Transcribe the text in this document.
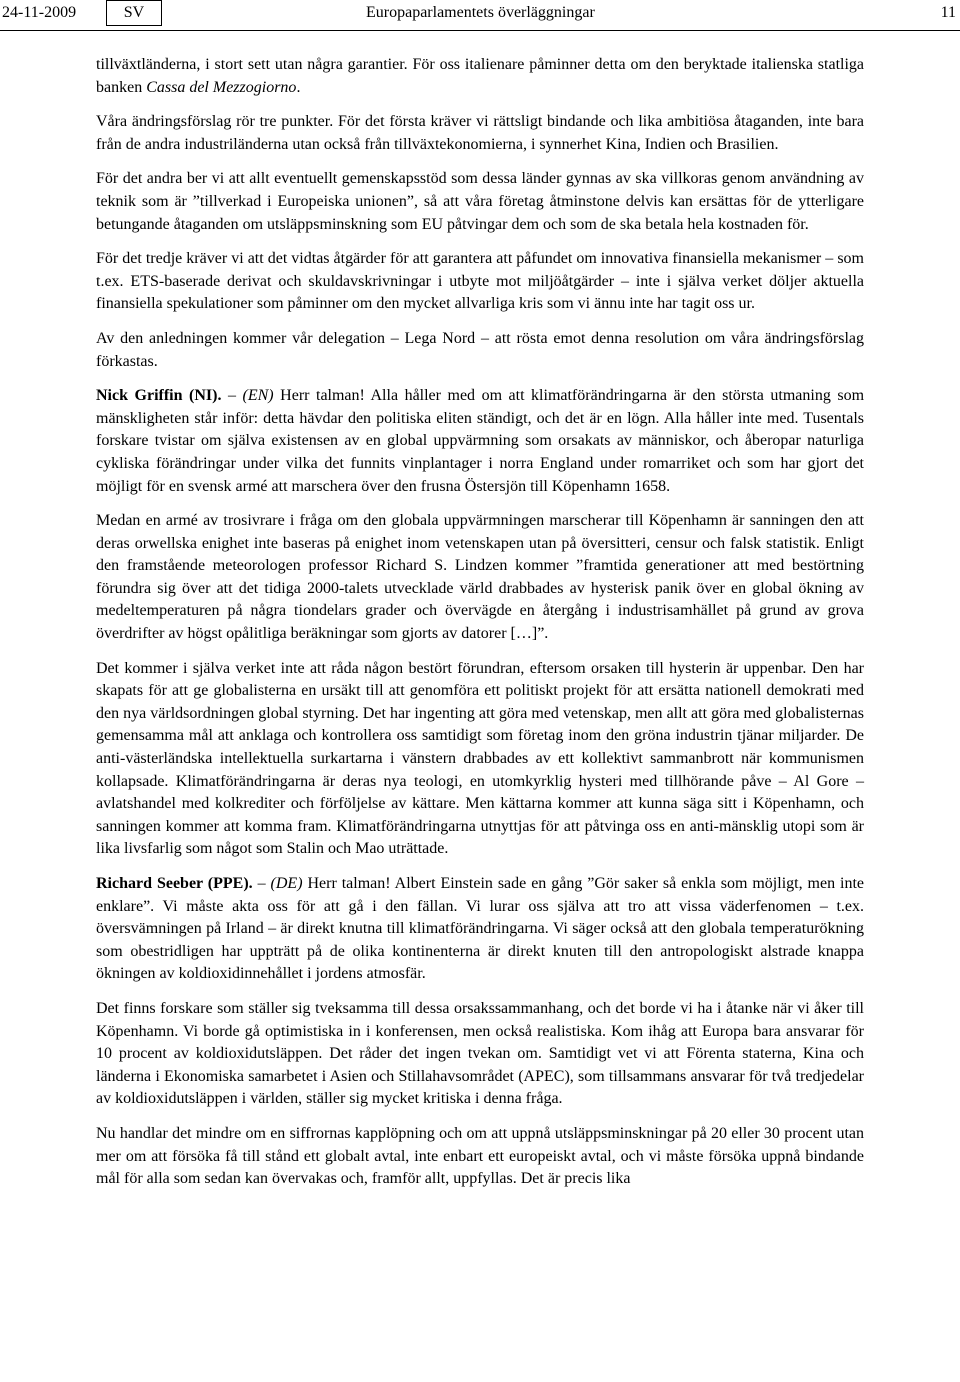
24-11-2009	SV	Europaparlamentets överläggningar	11

tillväxtländerna, i stort sett utan några garantier. För oss italienare påminner detta om den beryktade italienska statliga banken Cassa del Mezzogiorno.

Våra ändringsförslag rör tre punkter. För det första kräver vi rättsligt bindande och lika ambitiösa åtaganden, inte bara från de andra industriländerna utan också från tillväxtekonomierna, i synnerhet Kina, Indien och Brasilien.

För det andra ber vi att allt eventuellt gemenskapsstöd som dessa länder gynnas av ska villkoras genom användning av teknik som är ”tillverkad i Europeiska unionen”, så att våra företag åtminstone delvis kan ersättas för de ytterligare betungande åtaganden om utsläppsminskning som EU påtvingar dem och som de ska betala hela kostnaden för.

För det tredje kräver vi att det vidtas åtgärder för att garantera att påfundet om innovativa finansiella mekanismer – som t.ex. ETS-baserade derivat och skuldavskrivningar i utbyte mot miljöåtgärder – inte i själva verket döljer aktuella finansiella spekulationer som påminner om den mycket allvarliga kris som vi ännu inte har tagit oss ur.

Av den anledningen kommer vår delegation – Lega Nord – att rösta emot denna resolution om våra ändringsförslag förkastas.

Nick Griffin (NI). – (EN) Herr talman! Alla håller med om att klimatförändringarna är den största utmaning som mänskligheten står inför: detta hävdar den politiska eliten ständigt, och det är en lögn. Alla håller inte med. Tusentals forskare tvistar om själva existensen av en global uppvärmning som orsakats av människor, och åberopar naturliga cykliska förändringar under vilka det funnits vinplantager i norra England under romarriket och som har gjort det möjligt för en svensk armé att marschera över den frusna Östersjön till Köpenhamn 1658.

Medan en armé av trosivrare i fråga om den globala uppvärmningen marscherar till Köpenhamn är sanningen den att deras orwellska enighet inte baseras på enighet inom vetenskapen utan på översitteri, censur och falsk statistik. Enligt den framstående meteorologen professor Richard S. Lindzen kommer ”framtida generationer att med bestörtning förundra sig över att det tidiga 2000-talets utvecklade värld drabbades av hysterisk panik över en global ökning av medeltemperaturen på några tiondelars grader och övervägde en återgång i industrisamhället på grund av grova överdrifter av högst opålitliga beräkningar som gjorts av datorer […]”.

Det kommer i själva verket inte att råda någon bestört förundran, eftersom orsaken till hysterin är uppenbar. Den har skapats för att ge globalisterna en ursäkt till att genomföra ett politiskt projekt för att ersätta nationell demokrati med den nya världsordningen global styrning. Det har ingenting att göra med vetenskap, men allt att göra med globalisternas gemensamma mål att anklaga och kontrollera oss samtidigt som företag inom den gröna industrin tjänar miljarder. De anti-västerländska intellektuella surkartarna i vänstern drabbades av ett kollektivt sammanbrott när kommunismen kollapsade. Klimatförändringarna är deras nya teologi, en utomkyrklig hysteri med tillhörande påve – Al Gore – avlatshandel med kolkrediter och förföljelse av kättare. Men kättarna kommer att kunna säga sitt i Köpenhamn, och sanningen kommer att komma fram. Klimatförändringarna utnyttjas för att påtvinga oss en anti-mänsklig utopi som är lika livsfarlig som något som Stalin och Mao uträttade.

Richard Seeber (PPE). – (DE) Herr talman! Albert Einstein sade en gång ”Gör saker så enkla som möjligt, men inte enklare”. Vi måste akta oss för att gå i den fällan. Vi lurar oss själva att tro att vissa väderfenomen – t.ex. översvämningen på Irland – är direkt knutna till klimatförändringarna. Vi säger också att den globala temperaturökning som obestridligen har uppträtt på de olika kontinenterna är direkt knuten till den antropologiskt alstrade knappa ökningen av koldioxidinnehållet i jordens atmosfär.

Det finns forskare som ställer sig tveksamma till dessa orsakssammanhang, och det borde vi ha i åtanke när vi åker till Köpenhamn. Vi borde gå optimistiska in i konferensen, men också realistiska. Kom ihåg att Europa bara ansvarar för 10 procent av koldioxidutsläppen. Det råder det ingen tvekan om. Samtidigt vet vi att Förenta staterna, Kina och länderna i Ekonomiska samarbetet i Asien och Stillahavsområdet (APEC), som tillsammans ansvarar för två tredjedelar av koldioxidutsläppen i världen, ställer sig mycket kritiska i denna fråga.

Nu handlar det mindre om en siffrornas kapplöpning och om att uppnå utsläppsminskningar på 20 eller 30 procent utan mer om att försöka få till stånd ett globalt avtal, inte enbart ett europeiskt avtal, och vi måste försöka uppnå bindande mål för alla som sedan kan övervakas och, framför allt, uppfyllas. Det är precis lika
